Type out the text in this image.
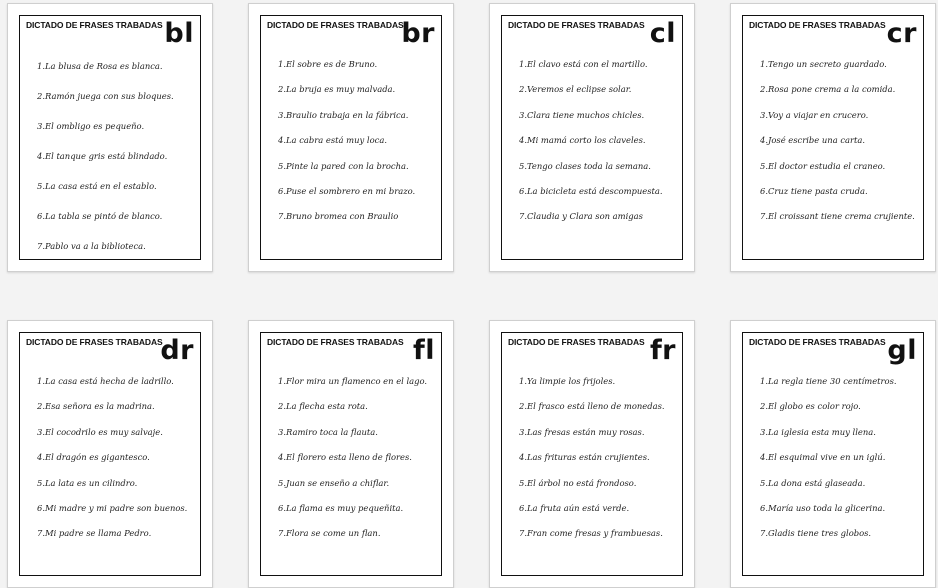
DICTADO DE FRASES TRABADAS bl
1.La blusa de Rosa es blanca.
2.Ramón juega con sus bloques.
3.El ombligo es pequeño.
4.El tanque gris está blindado.
5.La casa está en el establo.
6.La tabla se pintó de blanco.
7.Pablo va a la biblioteca.
DICTADO DE FRASES TRABADAS
br
1.El sobre es de Bruno.
2.La bruja es muy malvada.
3.Braulio trabaja en la fábrica.
4.La cabra está muy loca.
5.Pinte la pared con la brocha.
6.Puse el sombrero en mi brazo.
7.Bruno bromea con Braulio
DICTADO DE FRASES TRABADAS cl
1.El clavo está con el martillo.
2.Veremos el eclipse solar.
3.Clara tiene muchos chicles.
4.Mi mamá corto los claveles.
5.Tengo clases toda la semana.
6.La bicicleta está descompuesta.
7.Claudia y Clara son amigas
DICTADO DE FRASES TRABADAS cr
1.Tengo un secreto guardado.
2.Rosa pone crema a la comida.
3.Voy a viajar en crucero.
4.José escribe una carta.
5.El doctor estudia el craneo.
6.Cruz tiene pasta cruda.
7.El croissant tiene crema crujiente.
DICTADO DE FRASES TRABADAS
dr
1.La casa está hecha de ladrillo.
2.Esa señora es la madrina.
3.El cocodrilo es muy salvaje.
4.El dragón es gigantesco.
5.La lata es un cilindro.
6.Mi madre y mi padre son buenos.
7.Mi padre se llama Pedro.
DICTADO DE FRASES TRABADAS fl
1.Flor mira un flamenco en el lago.
2.La flecha esta rota.
3.Ramiro toca la flauta.
4.El florero esta lleno de flores.
5.Juan se enseño a chiflar.
6.La flama es muy pequeñita.
7.Flora se come un flan.
DICTADO DE FRASES TRABADAS fr
1.Ya limpie los frijoles.
2.El frasco está lleno de monedas.
3.Las fresas están muy rosas.
4.Las frituras están crujientes.
5.El árbol no está frondoso.
6.La fruta aún está verde.
7.Fran come fresas y frambuesas.
DICTADO DE FRASES TRABADAS gl
1.La regla tiene 30 centímetros.
2.El globo es color rojo.
3.La iglesia esta muy llena.
4.El esquimal vive en un iglú.
5.La dona está glaseada.
6.María uso toda la glicerina.
7.Gladis tiene tres globos.
